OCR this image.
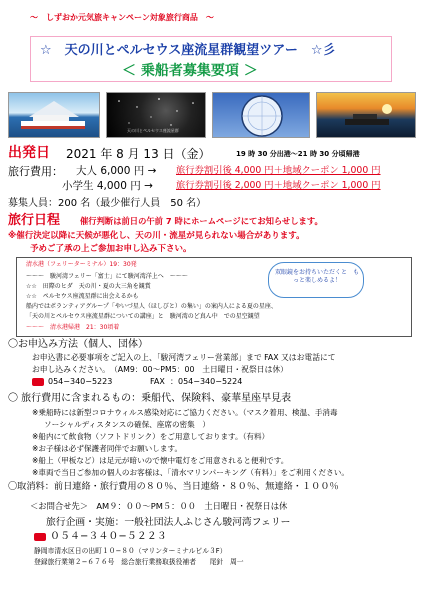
～　しずおか元気旅キャンペーン対象旅行商品　～
☆　天の川とペルセウス座流星群観望ツアー　☆彡
＜ 乗船者募集要項 ＞
天の川とペルセウス座流星群
出発日 2021 年 8 月 13 日（金）	19 時 30 分出港～21 時 30 分頃帰港
旅行費用： 大人 6,000 円 → 旅行券割引後 4,000 円＋地域クーポン 1,000 円
小学生 4,000 円 → 旅行券割引後 2,000 円＋地域クーポン 1,000 円
募集人員：200 名（最少催行人員　50 名）
旅行日程 催行判断は前日の午前 7 時にホームページにてお知らせします。
※催行決定以降に天候が悪化し、天の川・流星が見られない場合があります。
予めご了承の上ご参加お申し込み下さい。
清水港（フェリーターミナル）19：30発
～～～　駿河湾フェリー「富士」にて駿河湾洋上へ　～～～
☆☆　田際のヒダ　天の川・夏の大三角を観賞
☆☆　ペルセウス座流星群に出会えるかも
船内ではボランティアグループ「やいづ星人（ほしびと）の集い」の案内人による夏の星座、
「天の川とペルセウス座流星群についての講座」と　駿河湾のど真ん中　での星空観望
～～～　清水港帰港　21：30頃着
双眼鏡をお持ちいただくと　もっと楽しめるよ！
〇お申込み方法（個人、団体）
お申込書に必要事項をご記入の上、「駿河湾フェリー営業部」まで FAX 又はお電話にて
お申し込みください。　（AM9：00～PM5：00　土日曜日・祝祭日は休）
054−340−5223	FAX ：054−340−5224
〇 旅行費用に含まれるもの：乗船代、保険料、豪華星座早見表
※乗船時には新型コロナウィルス感染対応にご協力ください。（マスク着用、検温、手消毒
ソーシャルディスタンスの確保、座席の密集　）
※船内にて飲食物（ソフトドリンク）をご用意しております。（有料）
※お子様は必ず保護者同伴でお願いします。
※船上（甲板など）は足元が暗いので懐中電灯をご用意されると便利です。
※車両で当日ご参加の個人のお客様は、「清水マリンパーキング（有料）」をご利用ください。
〇取消料：前日連絡・旅行費用の８０％、当日連絡・８０％、無連絡・１００％
＜お問合せ先＞　AM９：００～PM５：００　土日曜日・祝祭日は休
旅行企画・実施：一般社団法人ふじさん駿河湾フェリー
０５４−３４０−５２２３
静岡市清水区日の出町１０−８０（マリンターミナルビル３F）
登録旅行業第２−６７６号　総合旅行業務取扱役補者　　尾針　周一
